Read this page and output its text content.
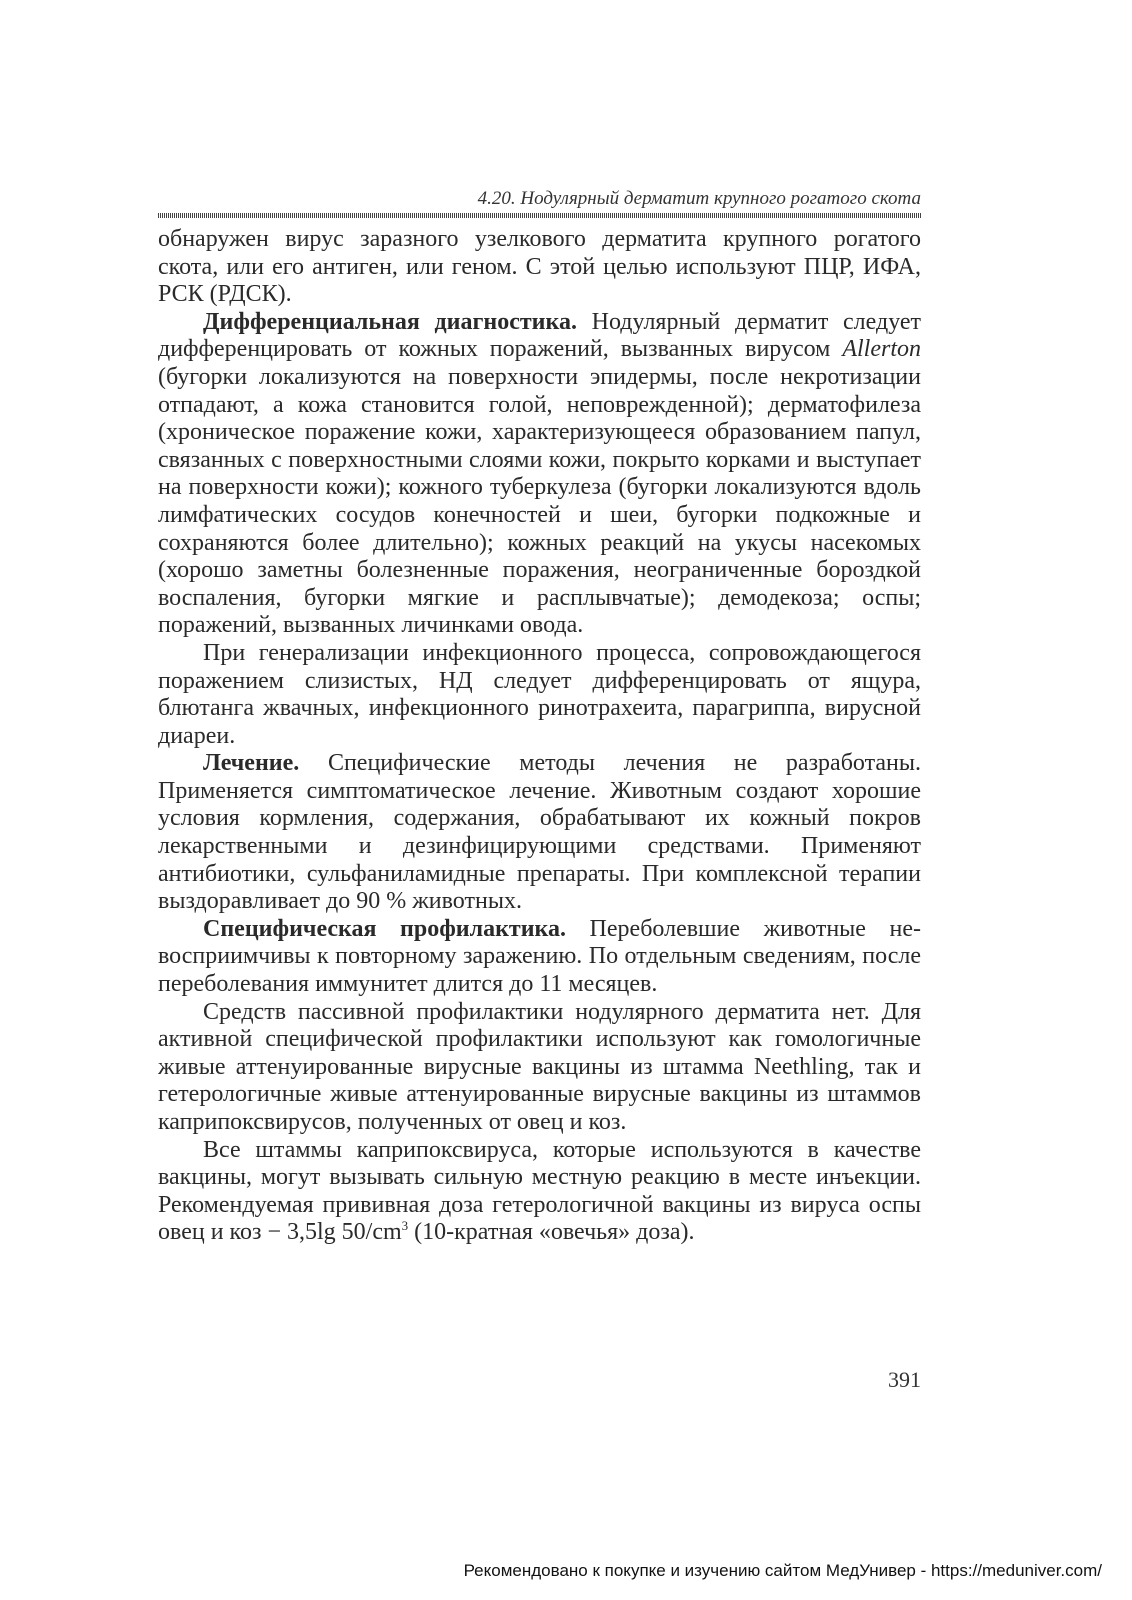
4.20. Нодулярный дерматит крупного рогатого скота

обнаружен вирус заразного узелкового дерматита крупного рогатого скота, или его антиген, или геном. С этой целью используют ПЦР, ИФА, РСК (РДСК).

Дифференциальная диагностика. Нодулярный дерматит следует дифференцировать от кожных поражений, вызванных вирусом Allerton (бугорки локализуются на поверхности эпидермы, после некротизации отпадают, а кожа становится голой, неповрежденной); дерматофилеза (хроническое поражение кожи, характеризующееся образованием папул, связанных с поверхностными слоями кожи, покрыто корками и выступает на поверхности кожи); кожного туберкулеза (бугорки локализуются вдоль лимфатических сосудов конечностей и шеи, бугорки подкожные и сохраняются более длительно); кожных реакций на укусы насекомых (хорошо заметны болезненные поражения, неограниченные бороздкой воспаления, бугорки мягкие и расплывчатые); демодекоза; оспы; поражений, вызванных личинками овода.

При генерализации инфекционного процесса, сопровождающегося поражением слизистых, НД следует дифференцировать от ящура, блютанга жвачных, инфекционного ринотрахеита, парагриппа, вирусной диареи.

Лечение. Специфические методы лечения не разработаны. Применяется симптоматическое лечение. Животным создают хорошие условия кормления, содержания, обрабатывают их кожный покров лекарственными и дезинфицирующими средствами. Применяют антибиотики, сульфаниламидные препараты. При комплексной терапии выздоравливает до 90 % животных.

Специфическая профилактика. Переболевшие животные невосприимчивы к повторному заражению. По отдельным сведениям, после переболевания иммунитет длится до 11 месяцев.

Средств пассивной профилактики нодулярного дерматита нет. Для активной специфической профилактики используют как гомологичные живые аттенуированные вирусные вакцины из штамма Neethling, так и гетерологичные живые аттенуированные вирусные вакцины из штаммов каприпоксвирусов, полученных от овец и коз.

Все штаммы каприпоксвируса, которые используются в качестве вакцины, могут вызывать сильную местную реакцию в месте инъекции. Рекомендуемая прививная доза гетерологичной вакцины из вируса оспы овец и коз − 3,5lg $50/cm^3$ (10-кратная «овечья» доза).

391
Рекомендовано к покупке и изучению сайтом МедУнивер - https://meduniver.com/
